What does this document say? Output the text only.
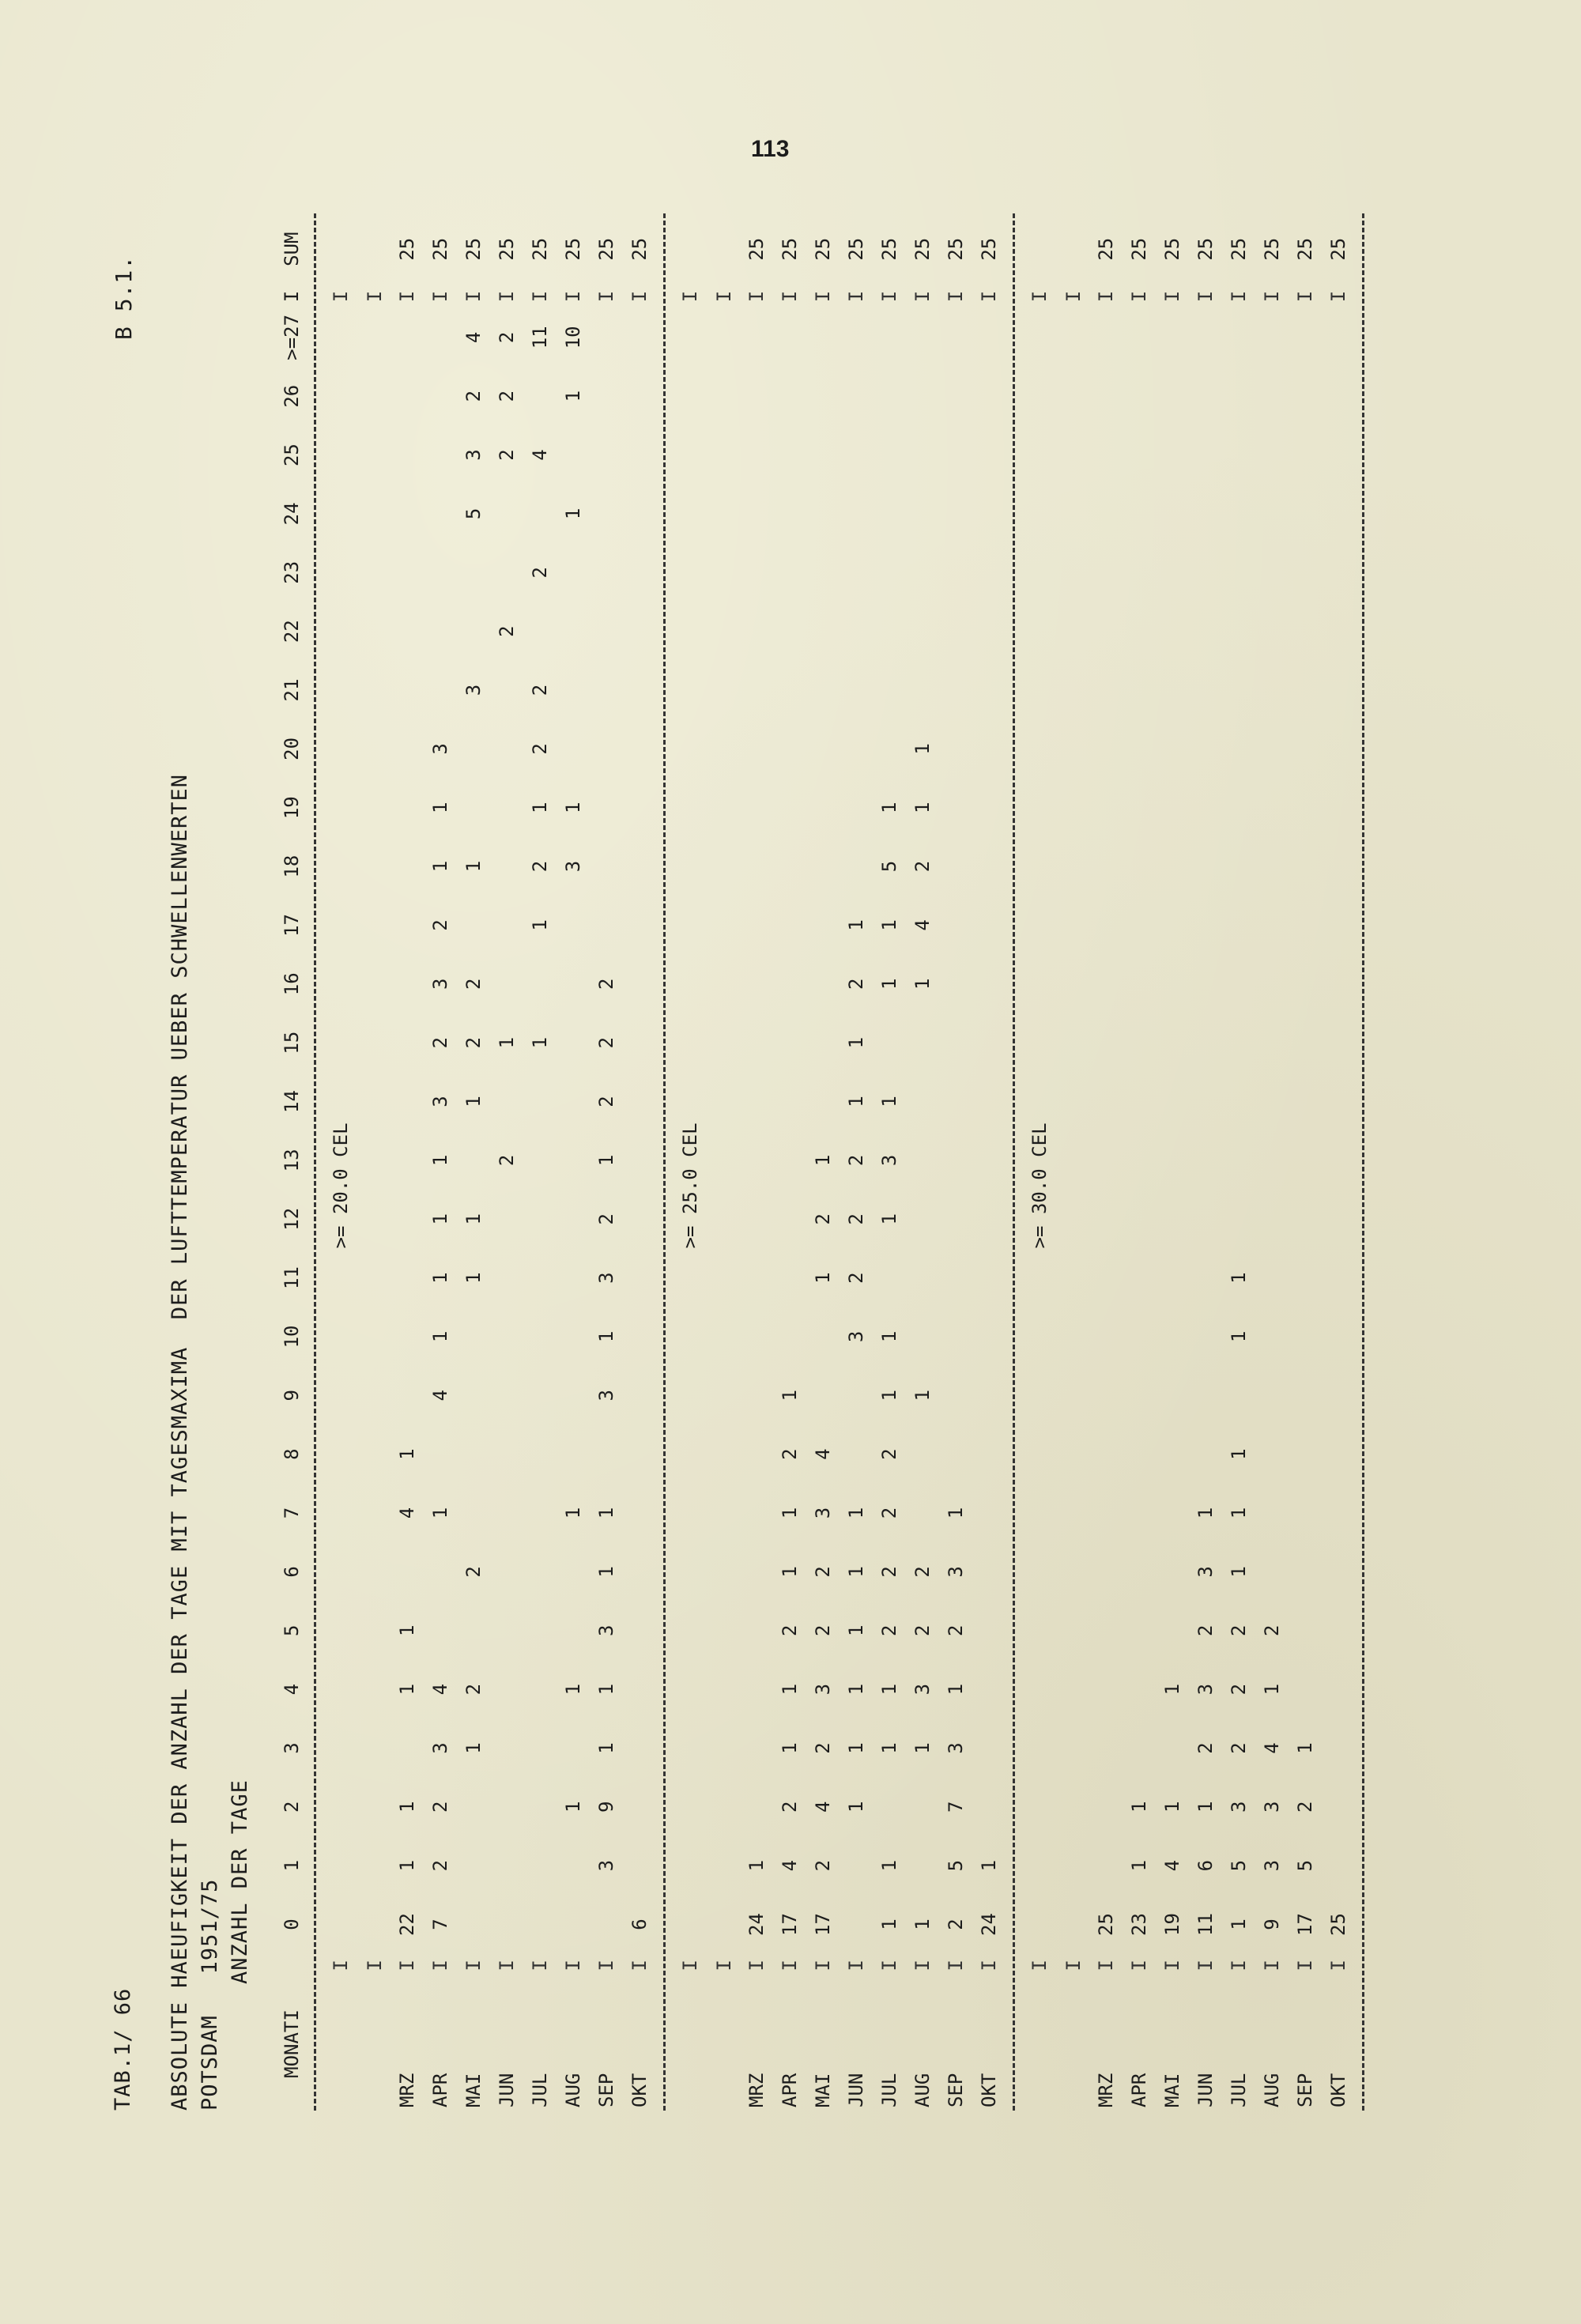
113
TAB.1/ 66
B 5.1.
ABSOLUTE HAEUFIGKEIT DER ANZAHL DER TAGE MIT TAGESMAXIMA  DER LUFTTEMPERATUR UEBER SCHWELLENWERTEN POTSDAM   1951/75 ANZAHL DER TAGE
MONATI		0	1	2	3	4	5	6	7	8	9	10	11	12	13	14	15	16	17	18	19	20	21	22	23	24	25	26	>=27	I	SUM

	I													>= 20.0 CEL																I	
	I																													I	
MRZ	I	22	1	1		1	1		4	1																				I	25
APR	I	7	2	2	3	4			1		4	1	1	1	1	3	2	3	2	1	1	3								I	25
MAI	I				1	2		2					1	1		1	2	2		1			3			5	3	2	4	I	25
JUN	I														2		1							2			2	2	2	I	25
JUL	I																1		1	2	1	2	2		2		4		11	I	25
AUG	I			1		1			1											3	1					1		1	10	I	25
SEP	I		3	9	1	1	3	1	1		3	1	3	2	1	2	2	2												I	25
OKT	I	6																												I	25

	I													>= 25.0 CEL																I	
	I																													I	
MRZ	I	24	1																											I	25
APR	I	17	4	2	1	1	2	1	1	2	1																			I	25
MAI	I	17	2	4	2	3	2	2	3	4			1	2	1															I	25
JUN	I			1	1	1	1	1	1			3	2	2	2	1	1	2	1											I	25
JUL	I	1	1		1	1	2	2	2	2	1	1		1	3	1		1	1	5	1									I	25
AUG	I	1			1	3	2	2			1							1	4	2	1	1								I	25
SEP	I	2	5	7	3	1	2	3	1																					I	25
OKT	I	24	1																											I	25

	I													>= 30.0 CEL																I	
	I																													I	
MRZ	I	25																												I	25
APR	I	23	1	1																										I	25
MAI	I	19	4	1		1																								I	25
JUN	I	11	6	1	2	3	2	3	1																					I	25
JUL	I	1	5	3	2	2	2	1	1	1		1	1																	I	25
AUG	I	9	3	3	4	1	2																							I	25
SEP	I	17	5	2	1																									I	25
OKT	I	25																												I	25
